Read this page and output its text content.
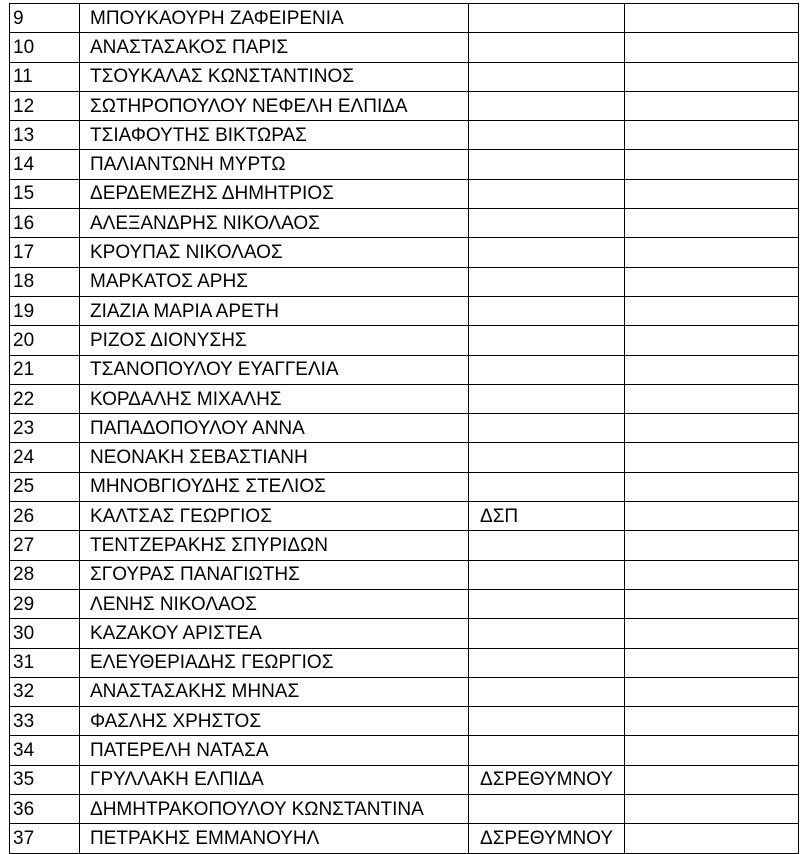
9	ΜΠΟΥΚΑΟΥΡΗ ΖΑΦΕΙΡΕΝΙΑ		
10	ΑΝΑΣΤΑΣΑΚΟΣ ΠΑΡΙΣ		
11	ΤΣΟΥΚΑΛΑΣ ΚΩΝΣΤΑΝΤΙΝΟΣ		
12	ΣΩΤΗΡΟΠΟΥΛΟΥ ΝΕΦΕΛΗ ΕΛΠΙΔΑ		
13	ΤΣΙΑΦΟΥΤΗΣ ΒΙΚΤΩΡΑΣ		
14	ΠΑΛΙΑΝΤΩΝΗ ΜΥΡΤΩ		
15	ΔΕΡΔΕΜΕΖΗΣ ΔΗΜΗΤΡΙΟΣ		
16	ΑΛΕΞΑΝΔΡΗΣ ΝΙΚΟΛΑΟΣ		
17	ΚΡΟΥΠΑΣ ΝΙΚΟΛΑΟΣ		
18	ΜΑΡΚΑΤΟΣ ΑΡΗΣ		
19	ΖΙΑΖΙΑ ΜΑΡΙΑ ΑΡΕΤΗ		
20	ΡΙΖΟΣ ΔΙΟΝΥΣΗΣ		
21	ΤΣΑΝΟΠΟΥΛΟΥ ΕΥΑΓΓΕΛΙΑ		
22	ΚΟΡΔΑΛΗΣ ΜΙΧΑΛΗΣ		
23	ΠΑΠΑΔΟΠΟΥΛΟΥ ΑΝΝΑ		
24	ΝΕΟΝΑΚΗ ΣΕΒΑΣΤΙΑΝΗ		
25	ΜΗΝΟΒΓΙΟΥΔΗΣ ΣΤΕΛΙΟΣ		
26	ΚΑΛΤΣΑΣ ΓΕΩΡΓΙΟΣ	ΔΣΠ	
27	ΤΕΝΤΖΕΡΑΚΗΣ ΣΠΥΡΙΔΩΝ		
28	ΣΓΟΥΡΑΣ ΠΑΝΑΓΙΩΤΗΣ		
29	ΛΕΝΗΣ ΝΙΚΟΛΑΟΣ		
30	ΚΑΖΑΚΟΥ ΑΡΙΣΤΕΑ		
31	ΕΛΕΥΘΕΡΙΑΔΗΣ ΓΕΩΡΓΙΟΣ		
32	ΑΝΑΣΤΑΣΑΚΗΣ ΜΗΝΑΣ		
33	ΦΑΣΛΗΣ ΧΡΗΣΤΟΣ		
34	ΠΑΤΕΡΕΛΗ ΝΑΤΑΣΑ		
35	ΓΡΥΛΛΑΚΗ ΕΛΠΙΔΑ	ΔΣΡΕΘΥΜΝΟΥ	
36	ΔΗΜΗΤΡΑΚΟΠΟΥΛΟΥ ΚΩΝΣΤΑΝΤΙΝΑ		
37	ΠΕΤΡΑΚΗΣ ΕΜΜΑΝΟΥΗΛ	ΔΣΡΕΘΥΜΝΟΥ	
